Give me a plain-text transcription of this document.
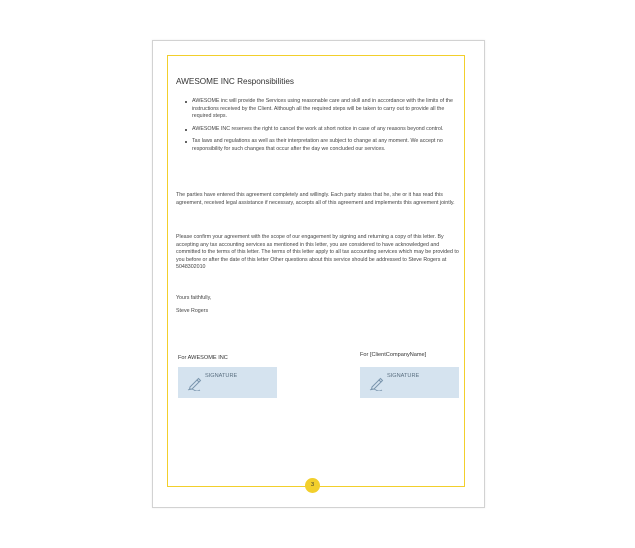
AWESOME INC Responsibilities
AWESOME inc will provide the Services using reasonable care and skill and in accordance with the limits of the instructions received by the Client. Although all the required steps will be taken to carry out to provide all the required steps.
AWESOME INC reserves the right to cancel the work at short notice in case of any reasons beyond control.
Tax laws and regulations as well as their interpretation are subject to change at any moment. We accept no responsibility for such changes that occur after the day we concluded our services.

The parties have entered this agreement completely and willingly. Each party states that he, she or it has read this agreement, received legal assistance if necessary, accepts all of this agreement and implements this agreement jointly.

Please confirm your agreement with the scope of our engagement by signing and returning a copy of this letter. By accepting any tax accounting services as mentioned in this letter, you are considered to have acknowledged and committed to the terms of this letter. The terms of this letter apply to all tax accounting services which may be provided to you before or after the date of this letter Other questions about this service should be addressed to Steve Rogers at 5048302010

Yours faithfully,
Steve Rogers
For AWESOME INC	For [ClientCompanyName]
SIGNATURE	SIGNATURE
3
